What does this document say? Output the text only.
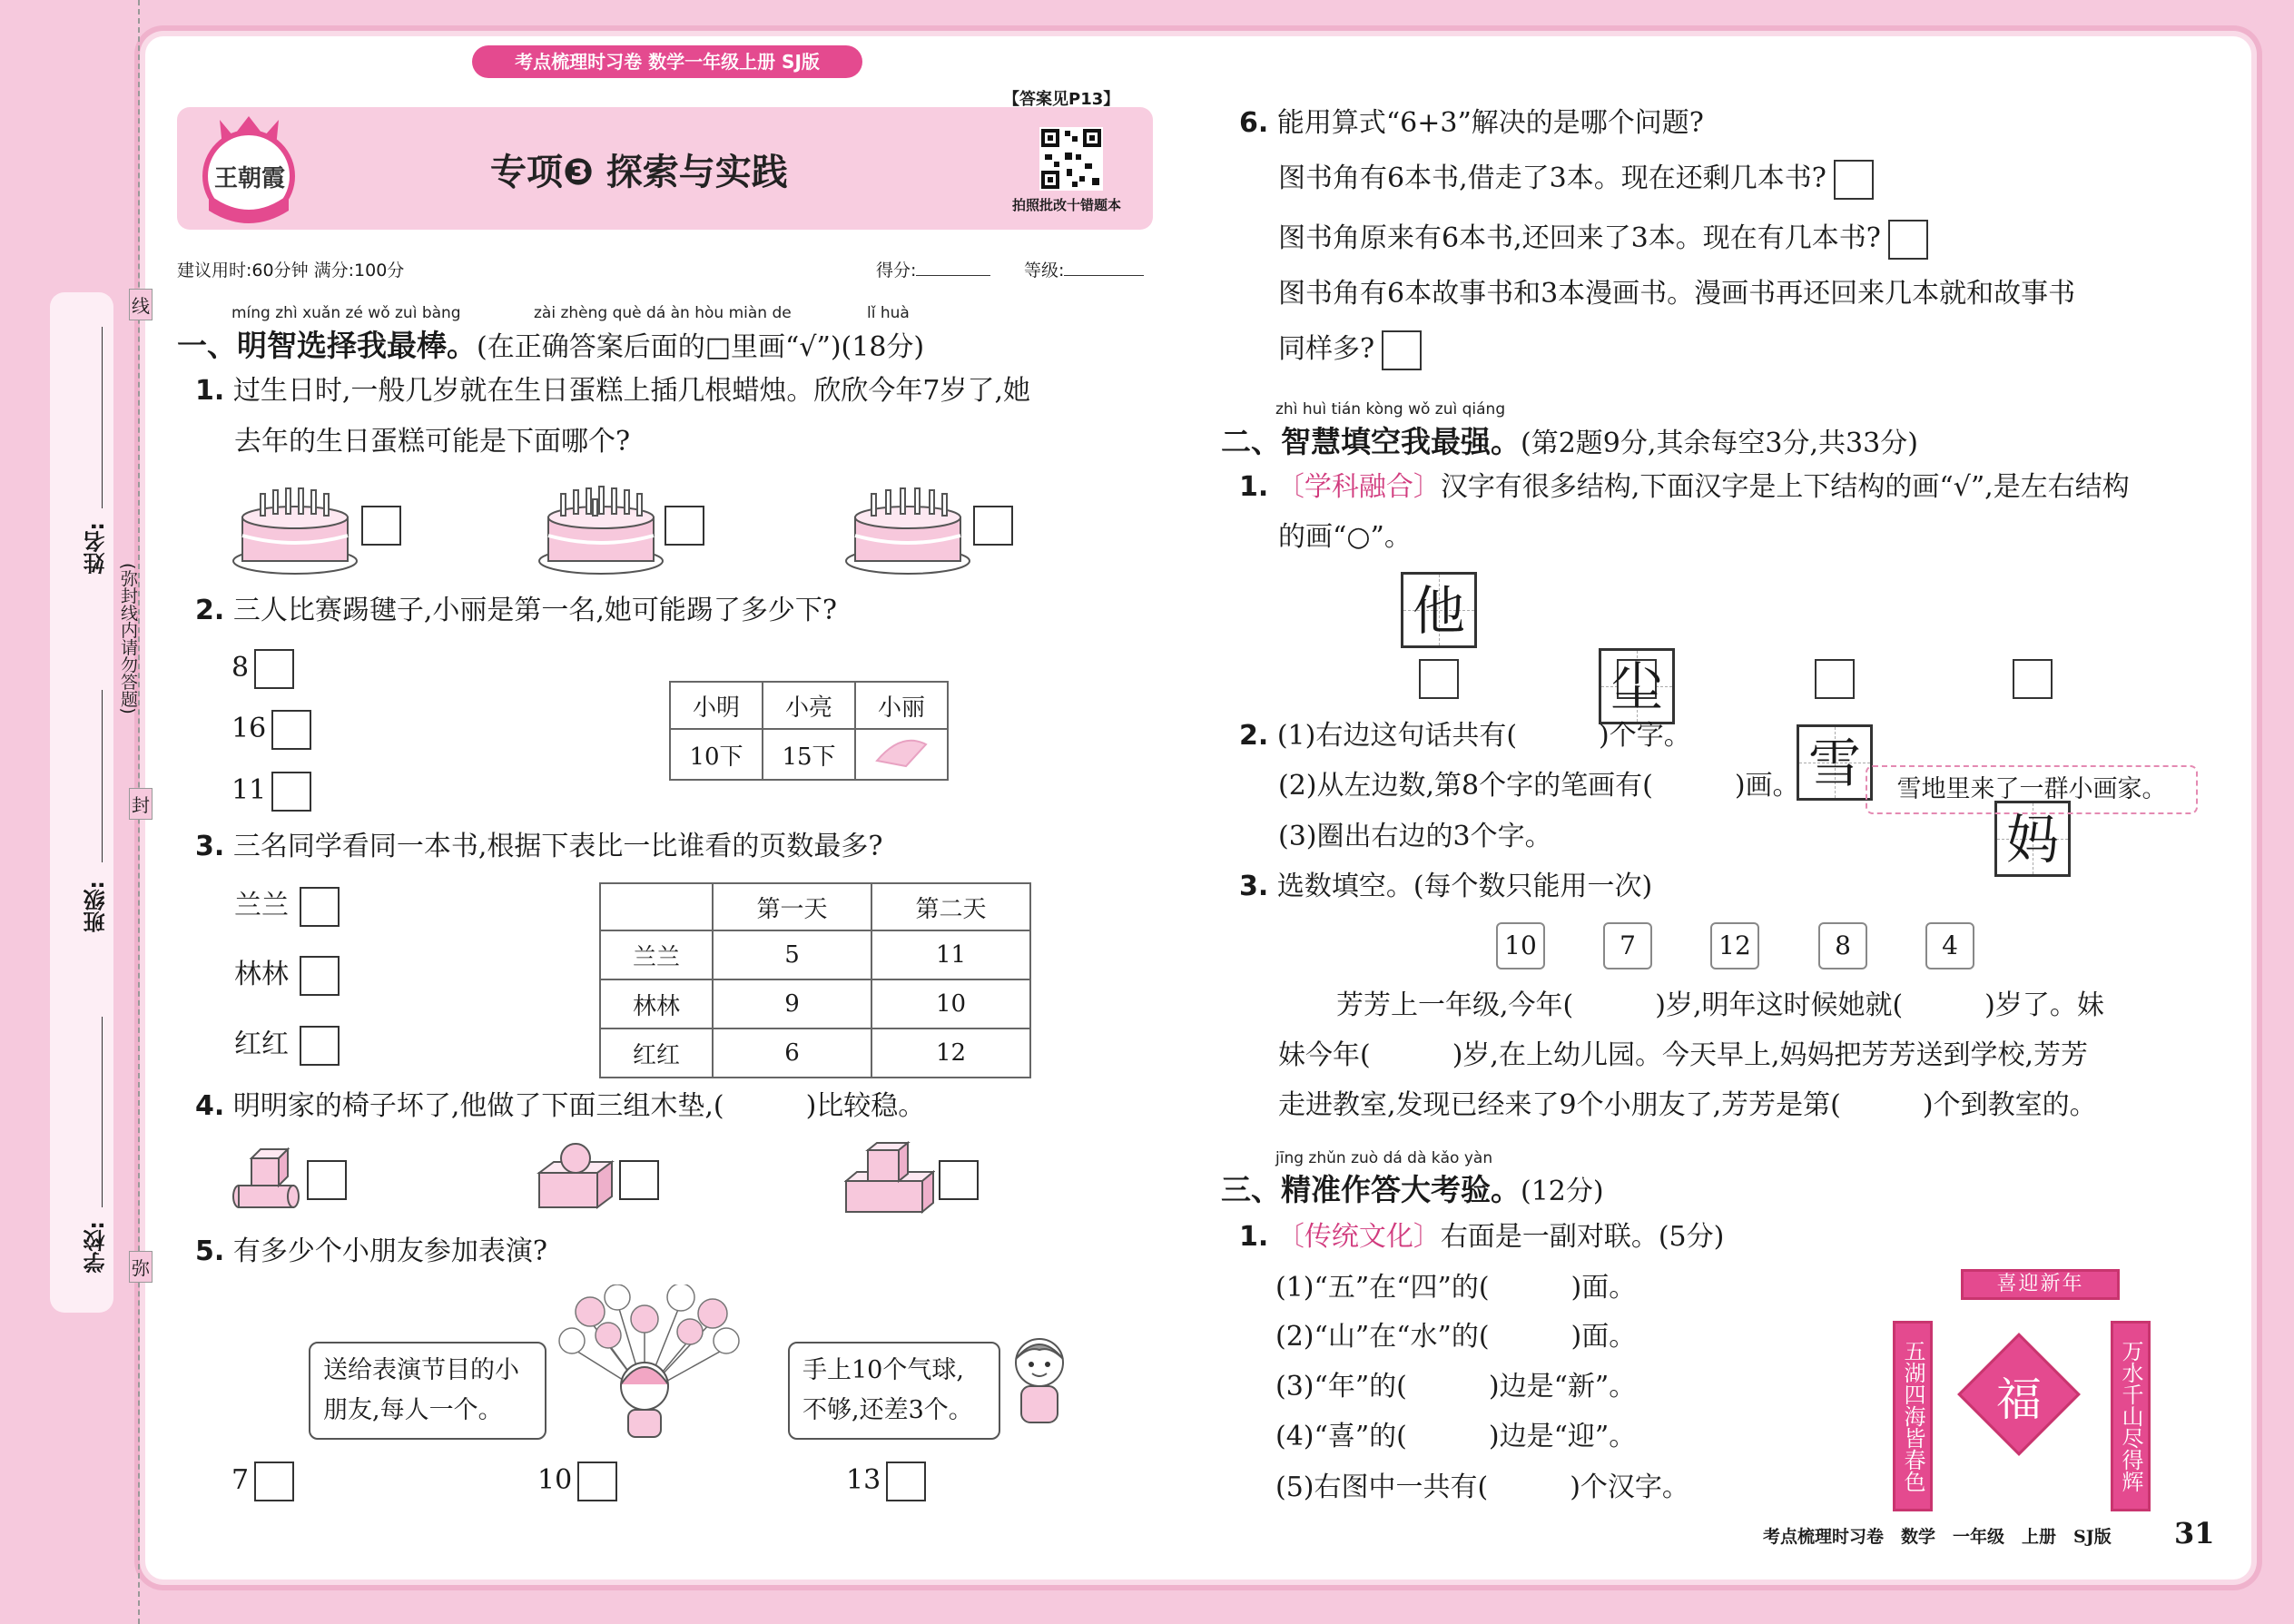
考点梳理时习卷 数学一年级上册 SJ版
王朝霞	专项❸ 探索与实践
【答案见P13】
拍照批改十错题本
建议用时:60分钟 满分:100分	得分:	等级:
线
封
弥
(弥封线内请勿答题)
姓名:
班级:
学校:
míng zhì xuǎn zé wǒ zuì bàng	zài zhèng què dá àn hòu miàn de	lǐ huà
一、明智选择我最棒。(在正确答案后面的□里画“√”)(18分)
1. 过生日时,一般几岁就在生日蛋糕上插几根蜡烛。欣欣今年7岁了,她
去年的生日蛋糕可能是下面哪个?
2. 三人比赛踢毽子,小丽是第一名,她可能踢了多少下?
8
16
11
小明	小亮	小丽
10下	15下	
3. 三名同学看同一本书,根据下表比一比谁看的页数最多?
兰兰
林林
红红
	第一天	第二天
兰兰	5	11
林林	9	10
红红	6	12
4. 明明家的椅子坏了,他做了下面三组木垫,(　　　)比较稳。
5. 有多少个小朋友参加表演?
送给表演节目的小朋友,每人一个。
手上10个气球,不够,还差3个。
7	10	13
6. 能用算式“6+3”解决的是哪个问题?
图书角有6本书,借走了3本。现在还剩几本书?
图书角原来有6本书,还回来了3本。现在有几本书?
图书角有6本故事书和3本漫画书。漫画书再还回来几本就和故事书
同样多?
zhì huì tián kòng wǒ zuì qiáng
二、智慧填空我最强。(第2题9分,其余每空3分,共33分)
1. 〔学科融合〕汉字有很多结构,下面汉字是上下结构的画“√”,是左右结构
的画“○”。
他
尘
雪
妈
2. (1)右边这句话共有(　　　)个字。
(2)从左边数,第8个字的笔画有(　　　)画。
(3)圈出右边的3个字。
雪地里来了一群小画家。
3. 选数填空。(每个数只能用一次)
10	7	12	8	4
芳芳上一年级,今年(　　　)岁,明年这时候她就(　　　)岁了。妹
妹今年(　　　)岁,在上幼儿园。今天早上,妈妈把芳芳送到学校,芳芳
走进教室,发现已经来了9个小朋友了,芳芳是第(　　　)个到教室的。
jīng zhǔn zuò dá dà kǎo yàn
三、精准作答大考验。(12分)
1. 〔传统文化〕右面是一副对联。(5分)
(1)“五”在“四”的(　　　)面。
(2)“山”在“水”的(　　　)面。
(3)“年”的(　　　)边是“新”。
(4)“喜”的(　　　)边是“迎”。
(5)右图中一共有(　　　)个汉字。
喜迎新年
五湖四海皆春色	万水千山尽得辉
福
考点梳理时习卷　数学　一年级　上册　SJ版 31
